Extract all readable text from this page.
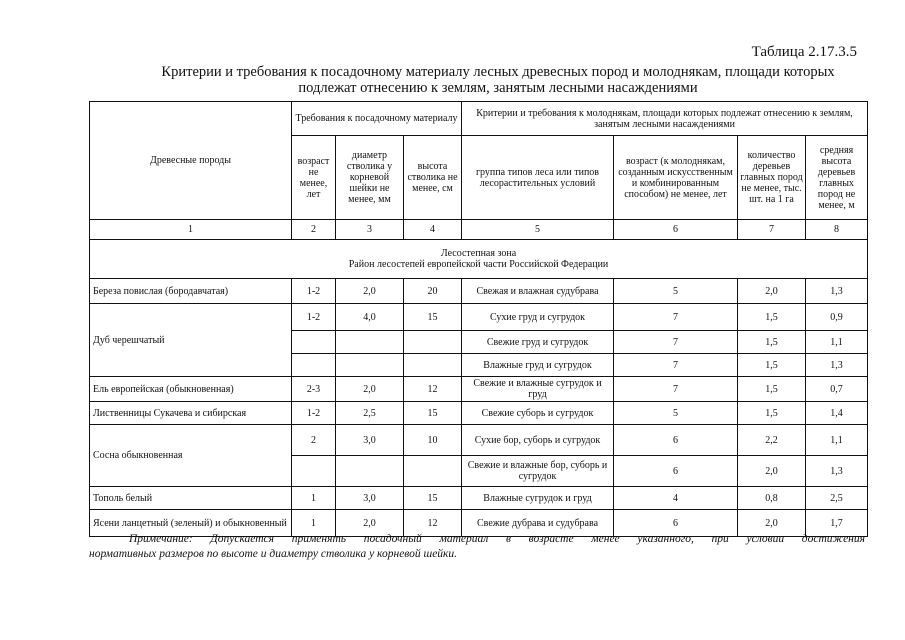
Таблица 2.17.3.5
Критерии и требования к посадочному материалу лесных древесных пород и молоднякам, площади которых
подлежат отнесению к землям, занятым лесными насаждениями
Древесные породы	Требования к посадочному материалу			Критерии и требования к молоднякам, площади которых подлежат отнесению к землям, занятым лесными насаждениями			
	возраст не менее, лет	диаметр стволика у корневой шейки не менее, мм	высота стволика не менее, см	группа типов леса или типов лесорастительных условий	возраст (к молоднякам, созданным искусственным и комбинированным способом) не менее, лет	количество деревьев главных пород не менее, тыс. шт. на 1 га	средняя высота деревьев главных пород не менее, м
1	2	3	4	5	6	7	8

Лесостепная зона
Район лесостепей европейской части Российской Федерации							

Береза повислая (бородавчатая)	1-2	2,0	20	Свежая и влажная судубрава	5	2,0	1,3
Дуб черешчатый	1-2	4,0	15	Сухие груд и сугрудок	7	1,5	0,9
				Свежие груд и сугрудок	7	1,5	1,1
				Влажные груд и сугрудок	7	1,5	1,3
Ель европейская (обыкновенная)	2-3	2,0	12	Свежие и влажные сугрудок и груд	7	1,5	0,7
Лиственницы Сукачева и сибирская	1-2	2,5	15	Свежие суборь и сугрудок	5	1,5	1,4
Сосна обыкновенная	2	3,0	10	Сухие бор, суборь и сугрудок	6	2,2	1,1
				Свежие и влажные бор, суборь и сугрудок	6	2,0	1,3
Тополь белый	1	3,0	15	Влажные сугрудок и груд	4	0,8	2,5
Ясени ланцетный (зеленый) и обыкновенный	1	2,0	12	Свежие дубрава и судубрава	6	2,0	1,7
Примечание: Допускается применять посадочный материал в возрасте менее указанного, при условии достижения
нормативных размеров по высоте и диаметру стволика у корневой шейки.
